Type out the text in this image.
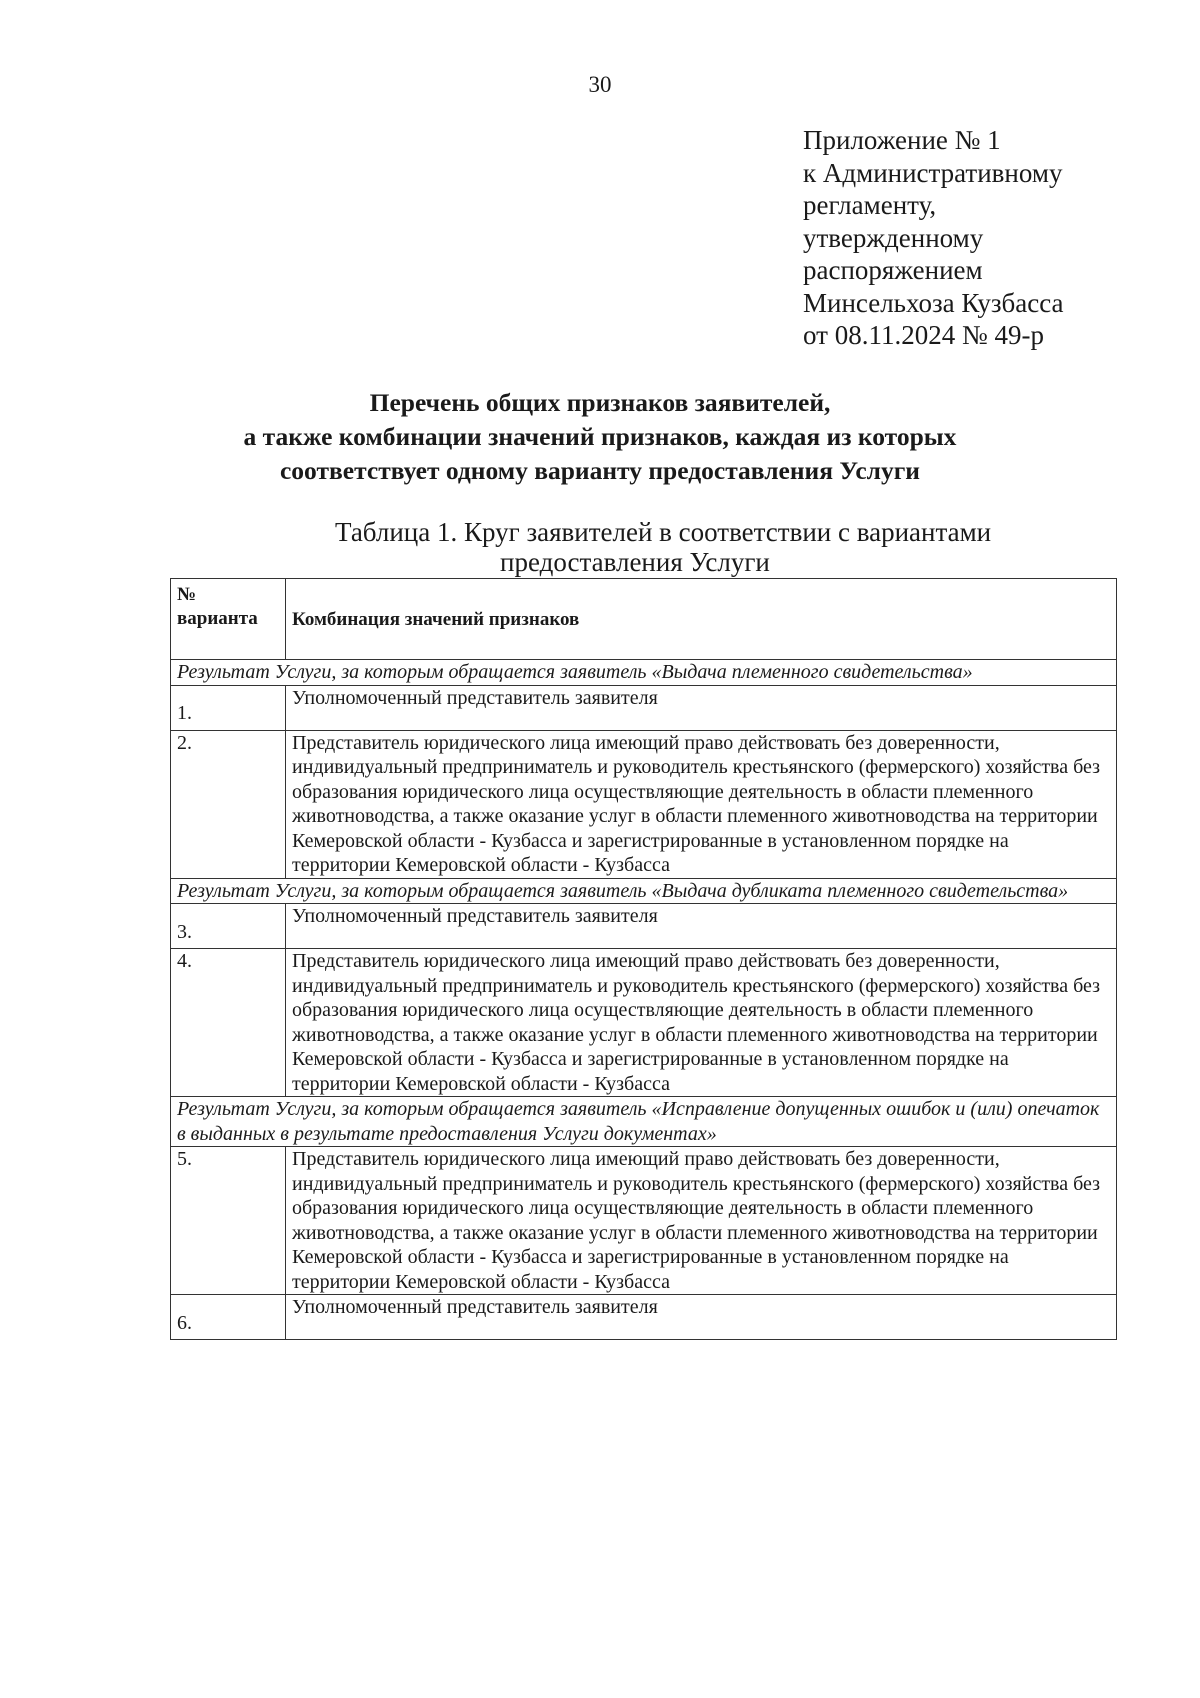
30
Приложение № 1
к Административному
регламенту,
утвержденному
распоряжением
Минсельхоза Кузбасса
от 08.11.2024 № 49-р
Перечень общих признаков заявителей,
а также комбинации значений признаков, каждая из которых
соответствует одному варианту предоставления Услуги
Таблица 1. Круг заявителей в соответствии с вариантами
предоставления Услуги
№ варианта	Комбинация значений признаков
Результат Услуги, за которым обращается заявитель «Выдача племенного свидетельства»	
1.	Уполномоченный представитель заявителя
2.	Представитель юридического лица имеющий право действовать без доверенности, индивидуальный предприниматель и руководитель крестьянского (фермерского) хозяйства без образования юридического лица осуществляющие деятельность в области племенного животноводства, а также оказание услуг в области племенного животноводства на территории Кемеровской области - Кузбасса и зарегистрированные в установленном порядке на территории Кемеровской области - Кузбасса
Результат Услуги, за которым обращается заявитель «Выдача дубликата племенного свидетельства»	
3.	Уполномоченный представитель заявителя
4.	Представитель юридического лица имеющий право действовать без доверенности, индивидуальный предприниматель и руководитель крестьянского (фермерского) хозяйства без образования юридического лица осуществляющие деятельность в области племенного животноводства, а также оказание услуг в области племенного животноводства на территории Кемеровской области - Кузбасса и зарегистрированные в установленном порядке на территории Кемеровской области - Кузбасса
Результат Услуги, за которым обращается заявитель «Исправление допущенных ошибок и (или) опечаток в выданных в результате предоставления Услуги документах»	
5.	Представитель юридического лица имеющий право действовать без доверенности, индивидуальный предприниматель и руководитель крестьянского (фермерского) хозяйства без образования юридического лица осуществляющие деятельность в области племенного животноводства, а также оказание услуг в области племенного животноводства на территории Кемеровской области - Кузбасса и зарегистрированные в установленном порядке на территории Кемеровской области - Кузбасса
6.	Уполномоченный представитель заявителя
